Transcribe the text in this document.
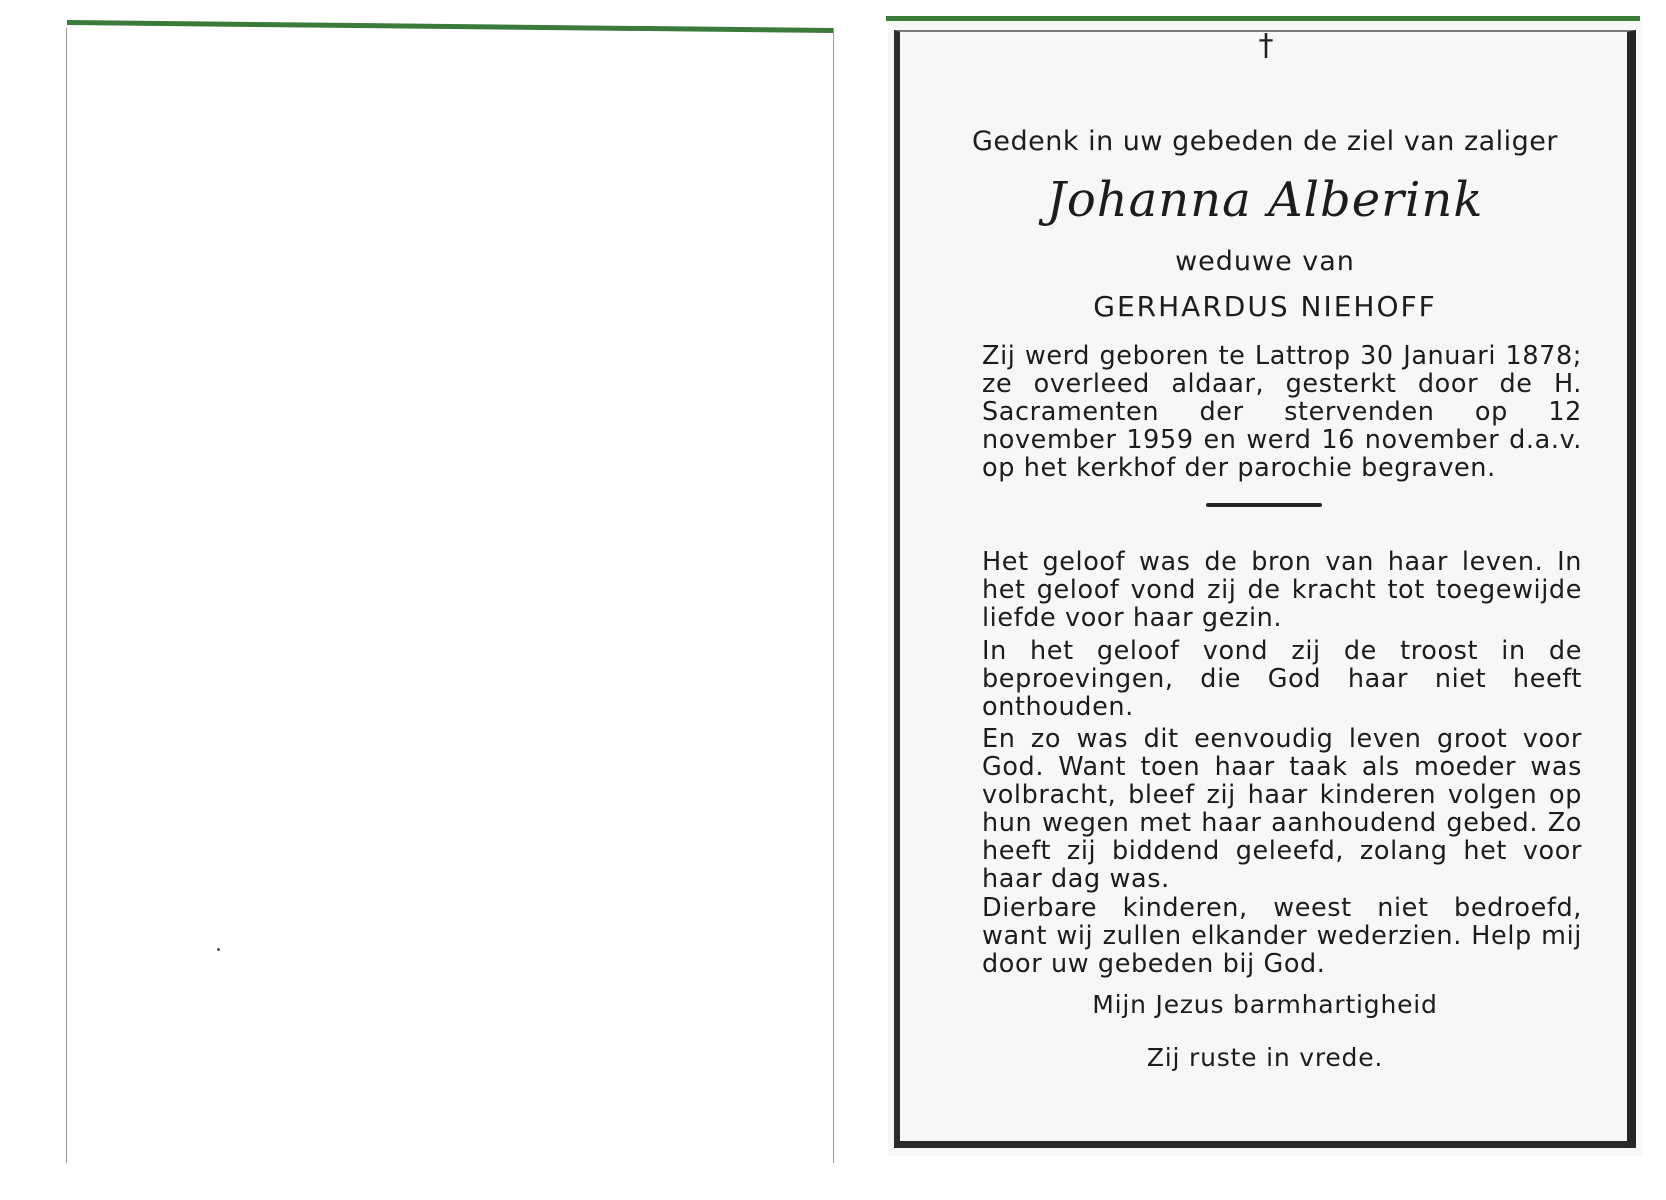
†
Gedenk in uw gebeden de ziel van zaliger
Johanna Alberink
weduwe van
GERHARDUS NIEHOFF
Zij werd geboren te Lattrop 30 Januari 1878; ze overleed aldaar, gesterkt door de H. Sacramenten der stervenden op 12 november 1959 en werd 16 november d.a.v. op het kerkhof der parochie begraven.
Het geloof was de bron van haar leven. In het geloof vond zij de kracht tot toegewijde liefde voor haar gezin.
In het geloof vond zij de troost in de beproevingen, die God haar niet heeft onthouden.
En zo was dit eenvoudig leven groot voor God. Want toen haar taak als moeder was volbracht, bleef zij haar kinderen volgen op hun wegen met haar aanhoudend gebed. Zo heeft zij biddend geleefd, zolang het voor haar dag was.
Dierbare kinderen, weest niet bedroefd, want wij zullen elkander wederzien. Help mij door uw gebeden bij God.
Mijn Jezus barmhartigheid
Zij ruste in vrede.
